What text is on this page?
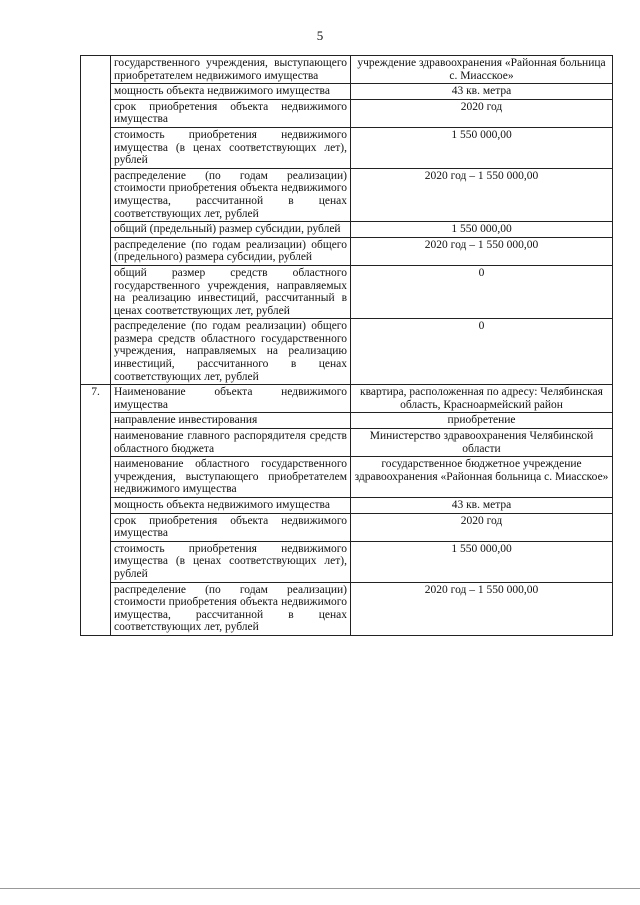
5
	государственного учреждения, выступающего приобретателем недвижимого имущества	учреждение здравоохранения «Районная больница с. Миасское»
	мощность объекта недвижимого имущества	43 кв. метра
	срок приобретения объекта недвижимого имущества	2020 год
	стоимость приобретения недвижимого имущества (в ценах соответствующих лет), рублей	1 550 000,00
	распределение (по годам реализации) стоимости приобретения объекта недвижимого имущества, рассчитанной в ценах соответствующих лет, рублей	2020 год – 1 550 000,00
	общий (предельный) размер субсидии, рублей	1 550 000,00
	распределение (по годам реализации) общего (предельного) размера субсидии, рублей	2020 год – 1 550 000,00
	общий размер средств областного государственного учреждения, направляемых на реализацию инвестиций, рассчитанный в ценах соответствующих лет, рублей	0
	распределение (по годам реализации) общего размера средств областного государственного учреждения, направляемых на реализацию инвестиций, рассчитанного в ценах соответствующих лет, рублей	0
7.	Наименование объекта недвижимого имущества	квартира, расположенная по адресу: Челябинская область, Красноармейский район
	направление инвестирования	приобретение
	наименование главного распорядителя средств областного бюджета	Министерство здравоохранения Челябинской области
	наименование областного государственного учреждения, выступающего приобретателем недвижимого имущества	государственное бюджетное учреждение здравоохранения «Районная больница с. Миасское»
	мощность объекта недвижимого имущества	43 кв. метра
	срок приобретения объекта недвижимого имущества	2020 год
	стоимость приобретения недвижимого имущества (в ценах соответствующих лет), рублей	1 550 000,00
	распределение (по годам реализации) стоимости приобретения объекта недвижимого имущества, рассчитанной в ценах соответствующих лет, рублей	2020 год – 1 550 000,00
